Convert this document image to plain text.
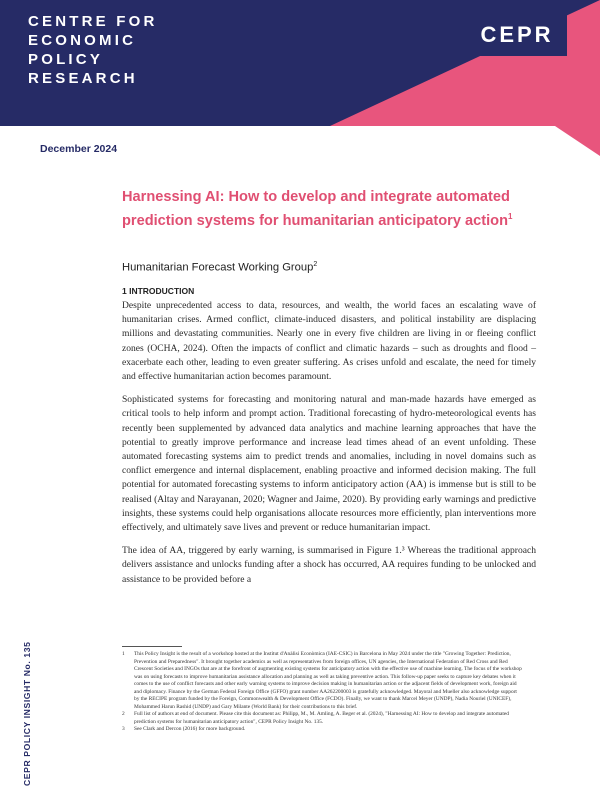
CENTRE FOR
ECONOMIC
POLICY
RESEARCH
CEPR
December 2024
Harnessing AI: How to develop and integrate automated prediction systems for humanitarian anticipatory action$^1$
Humanitarian Forecast Working Group$^2$
1 INTRODUCTION

Despite unprecedented access to data, resources, and wealth, the world faces an escalating wave of humanitarian crises. Armed conflict, climate-induced disasters, and political instability are displacing millions and devastating communities. Nearly one in every five children are living in or fleeing conflict zones (OCHA, 2024). Often the impacts of conflict and climatic hazards – such as droughts and flood – exacerbate each other, leading to even greater suffering. As crises unfold and escalate, the need for timely and effective humanitarian action becomes paramount.

Sophisticated systems for forecasting and monitoring natural and man-made hazards have emerged as critical tools to help inform and prompt action. Traditional forecasting of hydro-meteorological events has recently been supplemented by advanced data analytics and machine learning approaches that have the potential to greatly improve performance and increase lead times ahead of an event unfolding. These automated forecasting systems aim to predict trends and anomalies, including in novel domains such as conflict emergence and internal displacement, enabling proactive and informed decision making. The full potential for automated forecasting systems to inform anticipatory action (AA) is immense but is still to be realised (Altay and Narayanan, 2020; Wagner and Jaime, 2020). By providing early warnings and predictive insights, these systems could help organisations allocate resources more efficiently, plan interventions more effectively, and ultimately save lives and prevent or reduce humanitarian impact.

The idea of AA, triggered by early warning, is summarised in Figure 1.³ Whereas the traditional approach delivers assistance and unlocks funding after a shock has occurred, AA requires funding to be unlocked and assistance to be provided before a

1	This Policy Insight is the result of a workshop hosted at the Institut d'Anàlisi Econòmica (IAE-CSIC) in Barcelona in May 2024 under the title "Growing Together: Prediction, Prevention and Preparedness". It brought together academics as well as representatives from foreign offices, UN agencies, the International Federation of Red Cross and Red Crescent Societies and INGOs that are at the forefront of augmenting existing systems for anticipatory action with the effective use of machine learning. The focus of the workshop was on using forecasts to improve humanitarian assistance allocation and planning as well as taking preventive action. This follow-up paper seeks to capture key debates when it comes to the use of conflict forecasts and other early warning systems to improve decision making in humanitarian action or the adjacent fields of development work, foreign aid and diplomacy. Finance by the German Federal Foreign Office (GFFO) grant number AA262200003 is gratefully acknowledged. Mayoral and Mueller also acknowledge support by the RECIPE program funded by the Foreign, Commonwealth & Development Office (FCDO). Finally, we want to thank Marcel Meyer (UNDP), Nadia Nouriel (UNICEF), Mohammed Harun Rashid (UNDP) and Gary Milante (World Bank) for their contributions to this brief.
2	Full list of authors at end of document. Please cite this document as: Philipp, M., M. Amling, A. Beger et al. (2024), "Harnessing AI: How to develop and integrate automated prediction systems for humanitarian anticipatory action", CEPR Policy Insight No. 135.
3	See Clark and Dercon (2016) for more background.
CEPR POLICY INSIGHT No. 135
